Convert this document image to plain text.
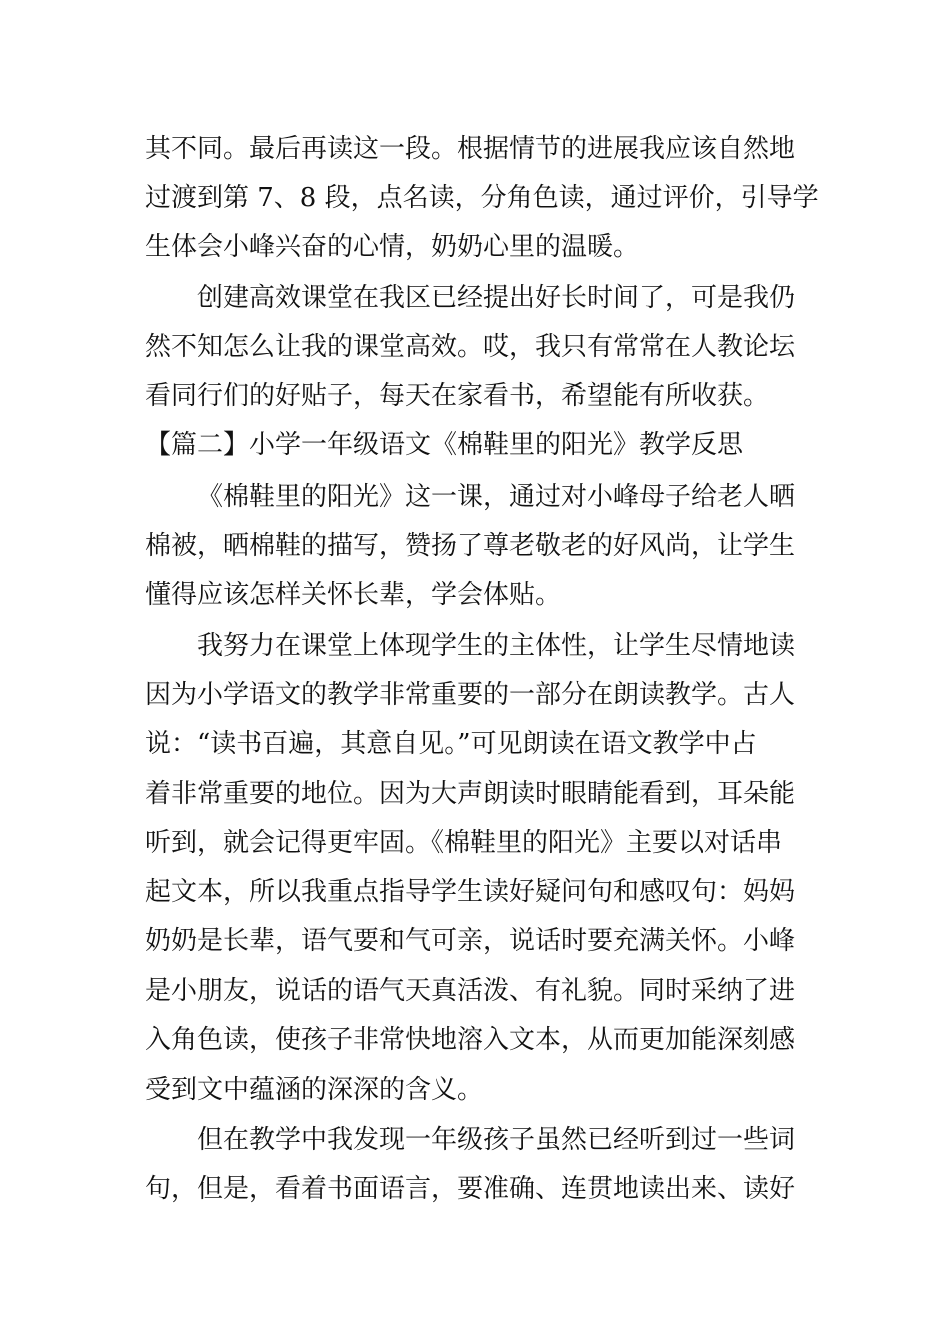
其不同。最后再读这一段。根据情节的进展我应该自然地
过渡到第 7、8 段，点名读，分角色读，通过评价，引导学
生体会小峰兴奋的心情，奶奶心里的温暖。
创建高效课堂在我区已经提出好长时间了，可是我仍
然不知怎么让我的课堂高效。哎，我只有常常在人教论坛
看同行们的好贴子，每天在家看书，希望能有所收获。
【篇二】小学一年级语文《棉鞋里的阳光》教学反思
《棉鞋里的阳光》这一课，通过对小峰母子给老人晒
棉被，晒棉鞋的描写，赞扬了尊老敬老的好风尚，让学生
懂得应该怎样关怀长辈，学会体贴。
我努力在课堂上体现学生的主体性，让学生尽情地读
因为小学语文的教学非常重要的一部分在朗读教学。古人
说：“读书百遍，其意自见。”可见朗读在语文教学中占
着非常重要的地位。因为大声朗读时眼睛能看到，耳朵能
听到，就会记得更牢固。《棉鞋里的阳光》主要以对话串
起文本，所以我重点指导学生读好疑问句和感叹句：妈妈
奶奶是长辈，语气要和气可亲，说话时要充满关怀。小峰
是小朋友，说话的语气天真活泼、有礼貌。同时采纳了进
入角色读，使孩子非常快地溶入文本，从而更加能深刻感
受到文中蕴涵的深深的含义。
但在教学中我发现一年级孩子虽然已经听到过一些词
句，但是，看着书面语言，要准确、连贯地读出来、读好
